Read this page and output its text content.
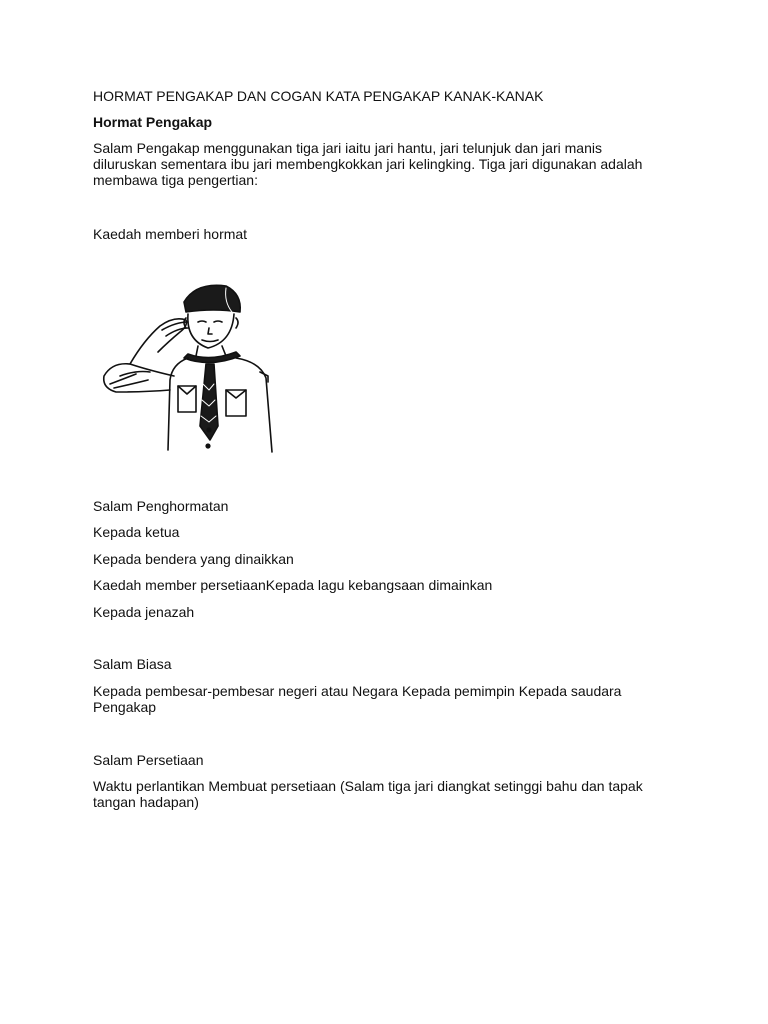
HORMAT PENGAKAP DAN COGAN KATA PENGAKAP KANAK-KANAK

Hormat Pengakap

Salam Pengakap menggunakan tiga jari iaitu jari hantu, jari telunjuk dan jari manis diluruskan sementara ibu jari membengkokkan jari kelingking. Tiga jari digunakan adalah membawa tiga pengertian:

Kaedah memberi hormat

Salam Penghormatan

Kepada ketua

Kepada bendera yang dinaikkan

Kaedah member persetiaanKepada lagu kebangsaan dimainkan

Kepada jenazah

Salam Biasa

Kepada pembesar-pembesar negeri atau Negara Kepada pemimpin Kepada saudara Pengakap

Salam Persetiaan

Waktu perlantikan Membuat persetiaan (Salam tiga jari diangkat setinggi bahu dan tapak tangan hadapan)
